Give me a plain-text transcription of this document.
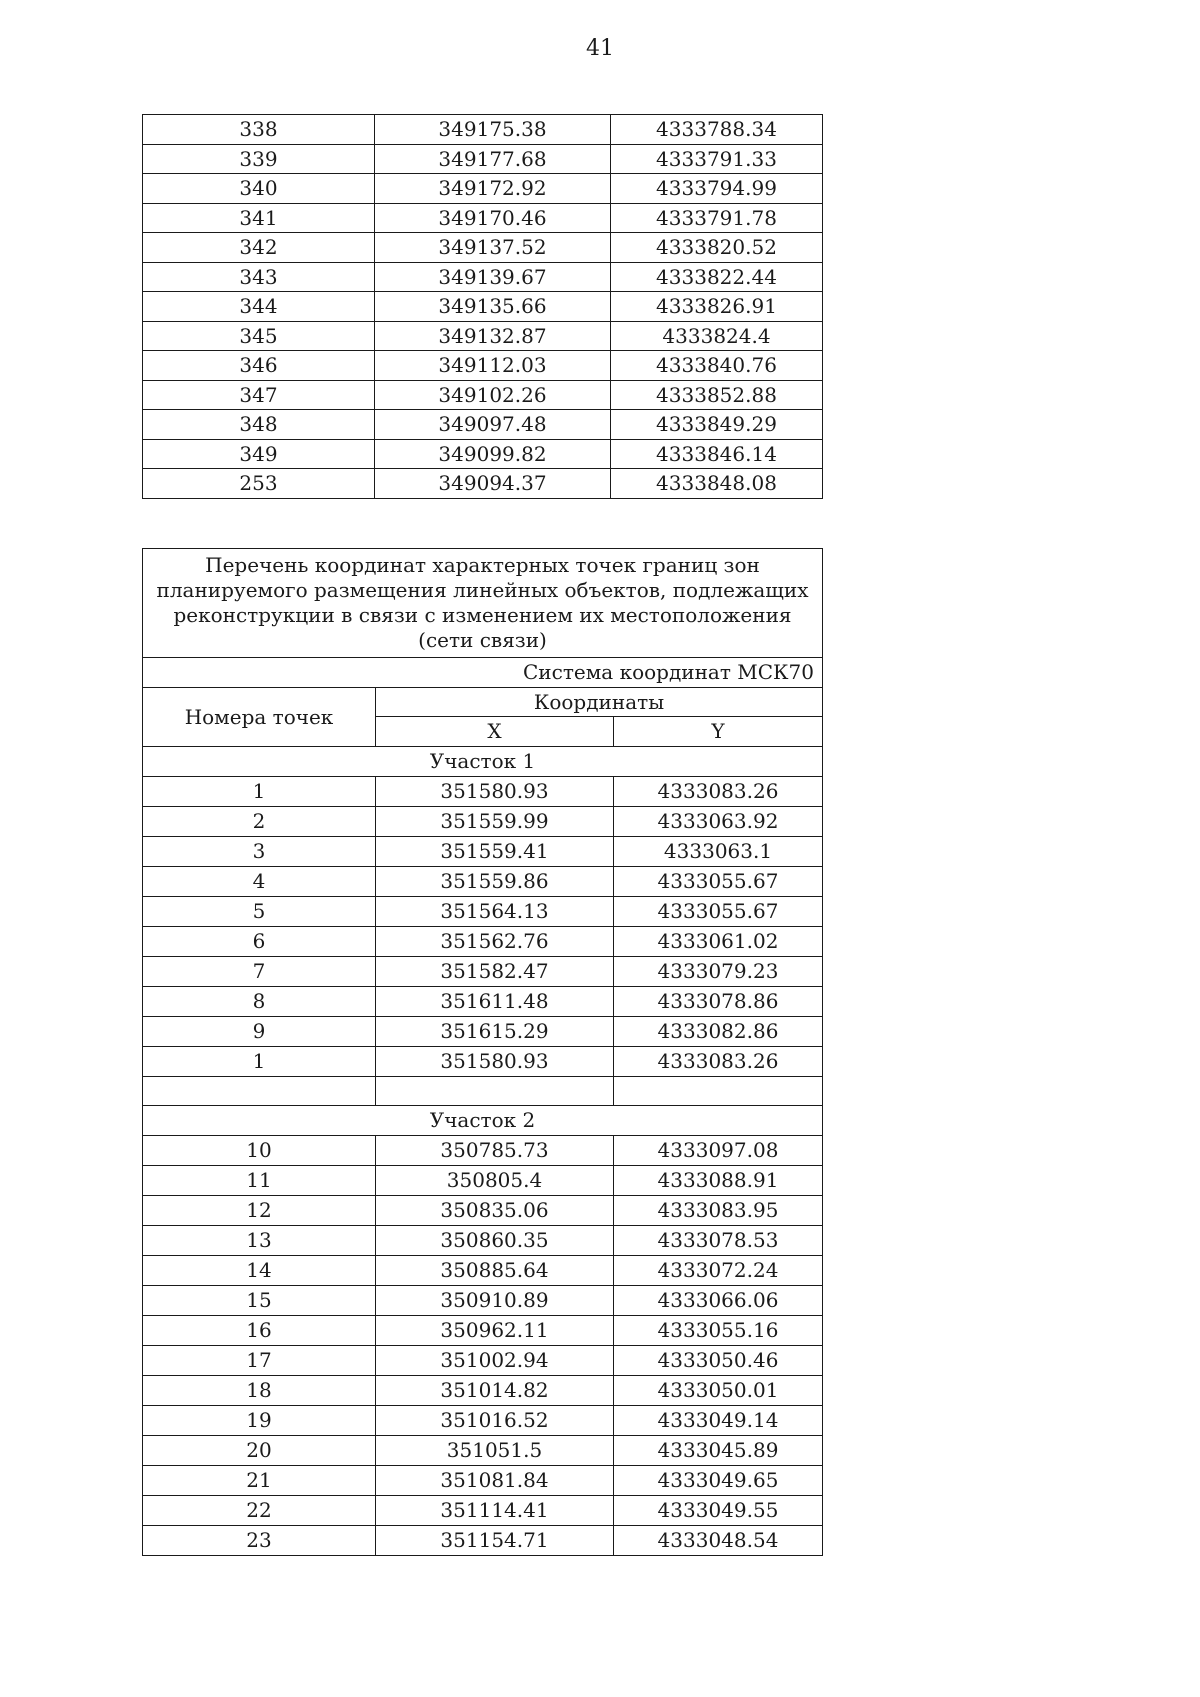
41
338	349175.38	4333788.34
339	349177.68	4333791.33
340	349172.92	4333794.99
341	349170.46	4333791.78
342	349137.52	4333820.52
343	349139.67	4333822.44
344	349135.66	4333826.91
345	349132.87	4333824.4
346	349112.03	4333840.76
347	349102.26	4333852.88
348	349097.48	4333849.29
349	349099.82	4333846.14
253	349094.37	4333848.08
Перечень координат характерных точек границ зон планируемого размещения линейных объектов, подлежащих реконструкции в связи с изменением их местоположения (сети связи)		
Система координат МСК70		
Номера точек	Координаты	
	X	Y
Участок 1		
1	351580.93	4333083.26
2	351559.99	4333063.92
3	351559.41	4333063.1
4	351559.86	4333055.67
5	351564.13	4333055.67
6	351562.76	4333061.02
7	351582.47	4333079.23
8	351611.48	4333078.86
9	351615.29	4333082.86
1	351580.93	4333083.26

Участок 2		
10	350785.73	4333097.08
11	350805.4	4333088.91
12	350835.06	4333083.95
13	350860.35	4333078.53
14	350885.64	4333072.24
15	350910.89	4333066.06
16	350962.11	4333055.16
17	351002.94	4333050.46
18	351014.82	4333050.01
19	351016.52	4333049.14
20	351051.5	4333045.89
21	351081.84	4333049.65
22	351114.41	4333049.55
23	351154.71	4333048.54
